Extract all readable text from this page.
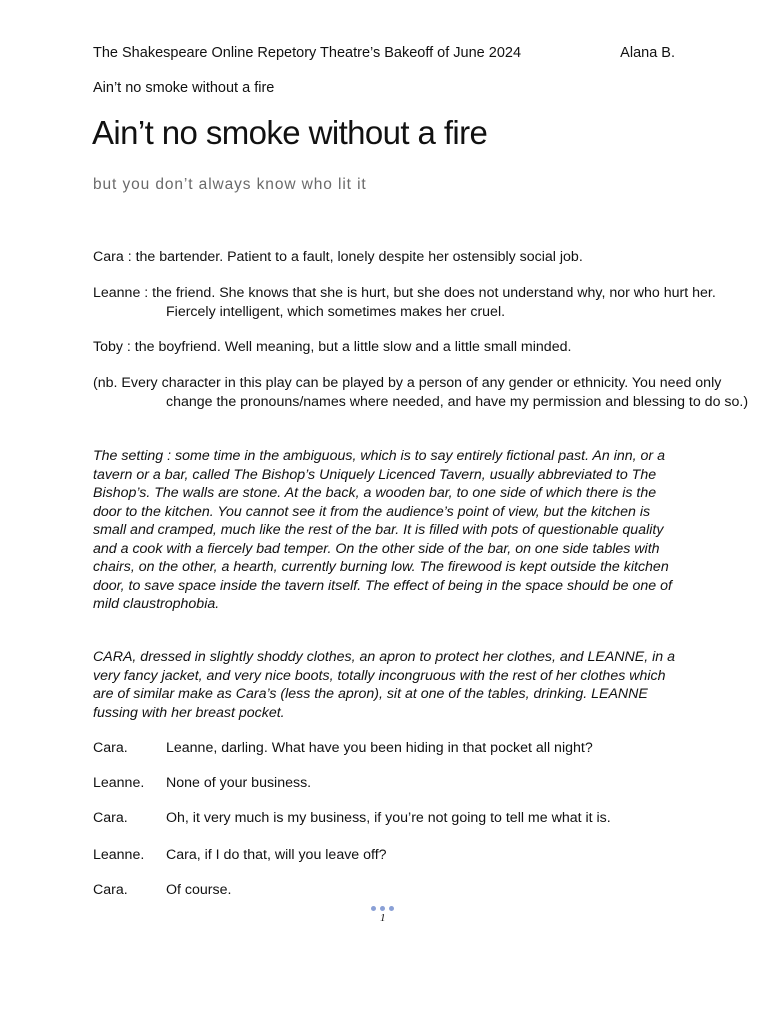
The Shakespeare Online Repetory Theatre’s Bakeoff of June 2024	Alana B.
Ain’t no smoke without a fire
Ain’t no smoke without a fire
but you don’t always know who lit it
Cara : the bartender. Patient to a fault, lonely despite her ostensibly social job.
Leanne : the friend. She knows that she is hurt, but she does not understand why, nor who hurt her. Fiercely intelligent, which sometimes makes her cruel.
Toby : the boyfriend. Well meaning, but a little slow and a little small minded.
(nb. Every character in this play can be played by a person of any gender or ethnicity. You need only change the pronouns/names where needed, and have my permission and blessing to do so.)
The setting : some time in the ambiguous, which is to say entirely fictional past. An inn, or a tavern or a bar, called The Bishop’s Uniquely Licenced Tavern, usually abbreviated to The Bishop’s. The walls are stone. At the back, a wooden bar, to one side of which there is the door to the kitchen. You cannot see it from the audience’s point of view, but the kitchen is small and cramped, much like the rest of the bar. It is filled with pots of questionable quality and a cook with a fiercely bad temper. On the other side of the bar, on one side tables with chairs, on the other, a hearth, currently burning low. The firewood is kept outside the kitchen door, to save space inside the tavern itself. The effect of being in the space should be one of mild claustrophobia.
CARA, dressed in slightly shoddy clothes, an apron to protect her clothes, and LEANNE, in a very fancy jacket, and very nice boots, totally incongruous with the rest of her clothes which are of similar make as Cara’s (less the apron), sit at one of the tables, drinking. LEANNE fussing with her breast pocket.
Cara.	Leanne, darling. What have you been hiding in that pocket all night?
Leanne. None of your business.
Cara.	Oh, it very much is my business, if you’re not going to tell me what it is.
Leanne. Cara, if I do that, will you leave off?
Cara.	Of course.
1
